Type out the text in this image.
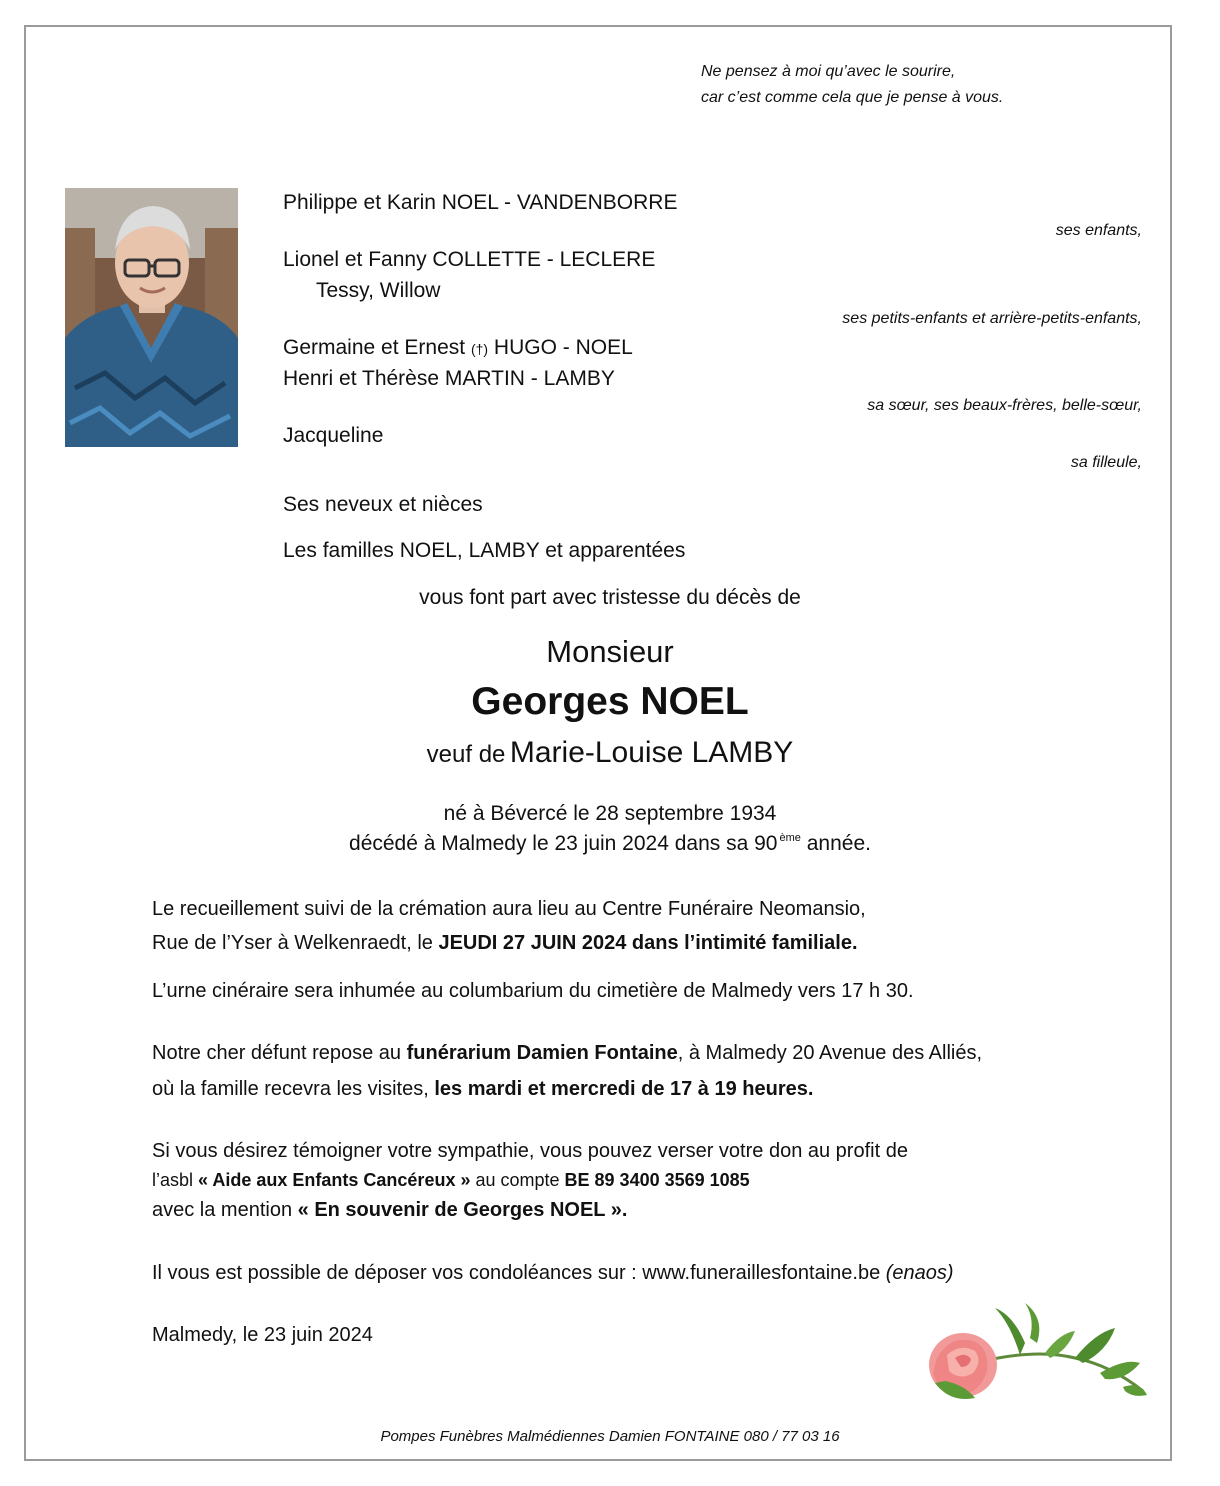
Ne pensez à moi qu’avec le sourire,
car c’est comme cela que je pense à vous.
Philippe et Karin NOEL - VANDENBORRE
ses enfants,
Lionel et Fanny COLLETTE - LECLERE
Tessy, Willow
ses petits-enfants et arrière-petits-enfants,
Germaine et Ernest (†) HUGO - NOEL
Henri et Thérèse MARTIN - LAMBY
sa sœur, ses beaux-frères, belle-sœur,
Jacqueline
sa filleule,
Ses neveux et nièces
Les familles NOEL, LAMBY et apparentées
vous font part avec tristesse du décès de
Monsieur
Georges NOEL
veuf de Marie-Louise LAMBY
né à Bévercé le 28 septembre 1934
décédé à Malmedy le 23 juin 2024 dans sa 90 $^{ème}$ année.
Le recueillement suivi de la crémation aura lieu au Centre Funéraire Neomansio,
Rue de l’Yser à Welkenraedt, le JEUDI 27 JUIN 2024 dans l’intimité familiale.
L’urne cinéraire sera inhumée au columbarium du cimetière de Malmedy vers 17 h 30.
Notre cher défunt repose au funérarium Damien Fontaine, à Malmedy 20 Avenue des Alliés,
où la famille recevra les visites, les mardi et mercredi de 17 à 19 heures.
Si vous désirez témoigner votre sympathie, vous pouvez verser votre don au profit de
l’asbl « Aide aux Enfants Cancéreux » au compte BE 89 3400 3569 1085
avec la mention « En souvenir de Georges NOEL ».
Il vous est possible de déposer vos condoléances sur : www.funeraillesfontaine.be (enaos)
Malmedy, le 23 juin 2024
Pompes Funèbres Malmédiennes Damien FONTAINE 080 / 77 03 16
